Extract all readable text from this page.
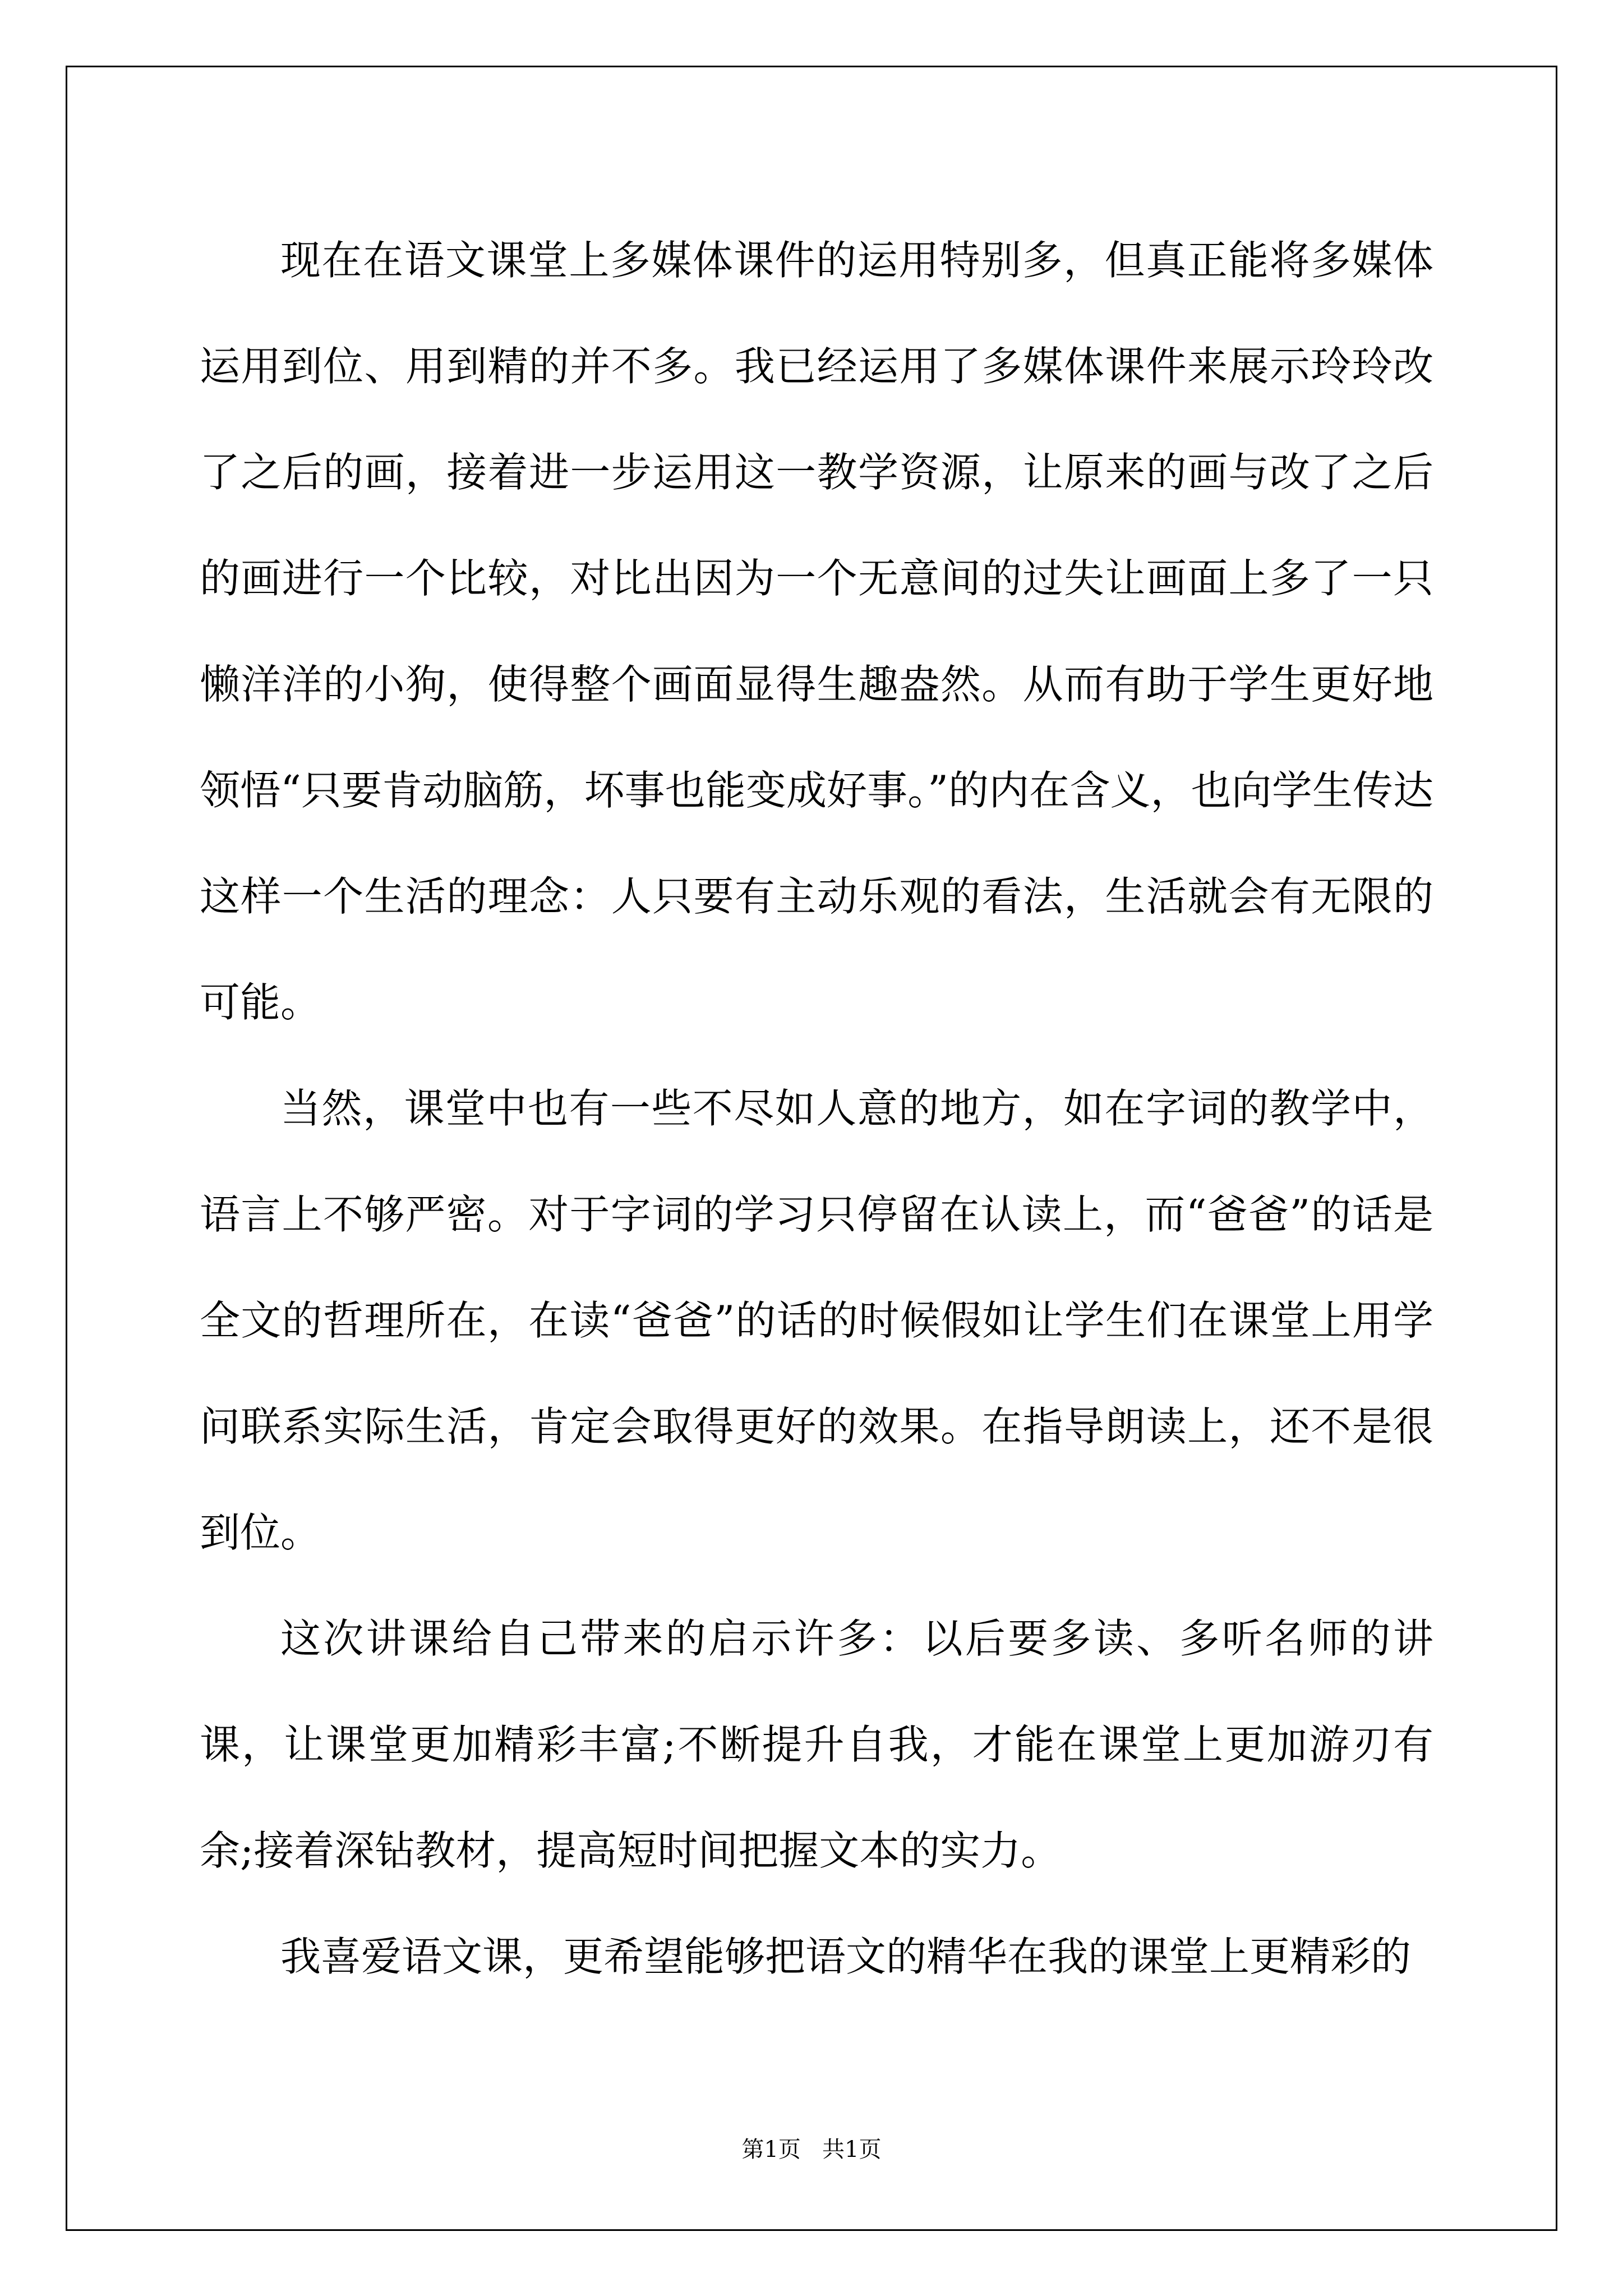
现在在语文课堂上多媒体课件的运用特别多，但真正能将多媒体运用到位、用到精的并不多。我已经运用了多媒体课件来展示玲玲改了之后的画，接着进一步运用这一教学资源，让原来的画与改了之后的画进行一个比较，对比出因为一个无意间的过失让画面上多了一只懒洋洋的小狗，使得整个画面显得生趣盎然。从而有助于学生更好地领悟“只要肯动脑筋，坏事也能变成好事。”的内在含义，也向学生传达这样一个生活的理念：人只要有主动乐观的看法，生活就会有无限的可能。

当然，课堂中也有一些不尽如人意的地方，如在字词的教学中，语言上不够严密。对于字词的学习只停留在认读上，而“爸爸”的话是全文的哲理所在，在读“爸爸”的话的时候假如让学生们在课堂上用学问联系实际生活，肯定会取得更好的效果。在指导朗读上，还不是很到位。

这次讲课给自己带来的启示许多：以后要多读、多听名师的讲课，让课堂更加精彩丰富;不断提升自我，才能在课堂上更加游刃有余;接着深钻教材，提高短时间把握文本的实力。

我喜爱语文课，更希望能够把语文的精华在我的课堂上更精彩的

第1页   共1页
